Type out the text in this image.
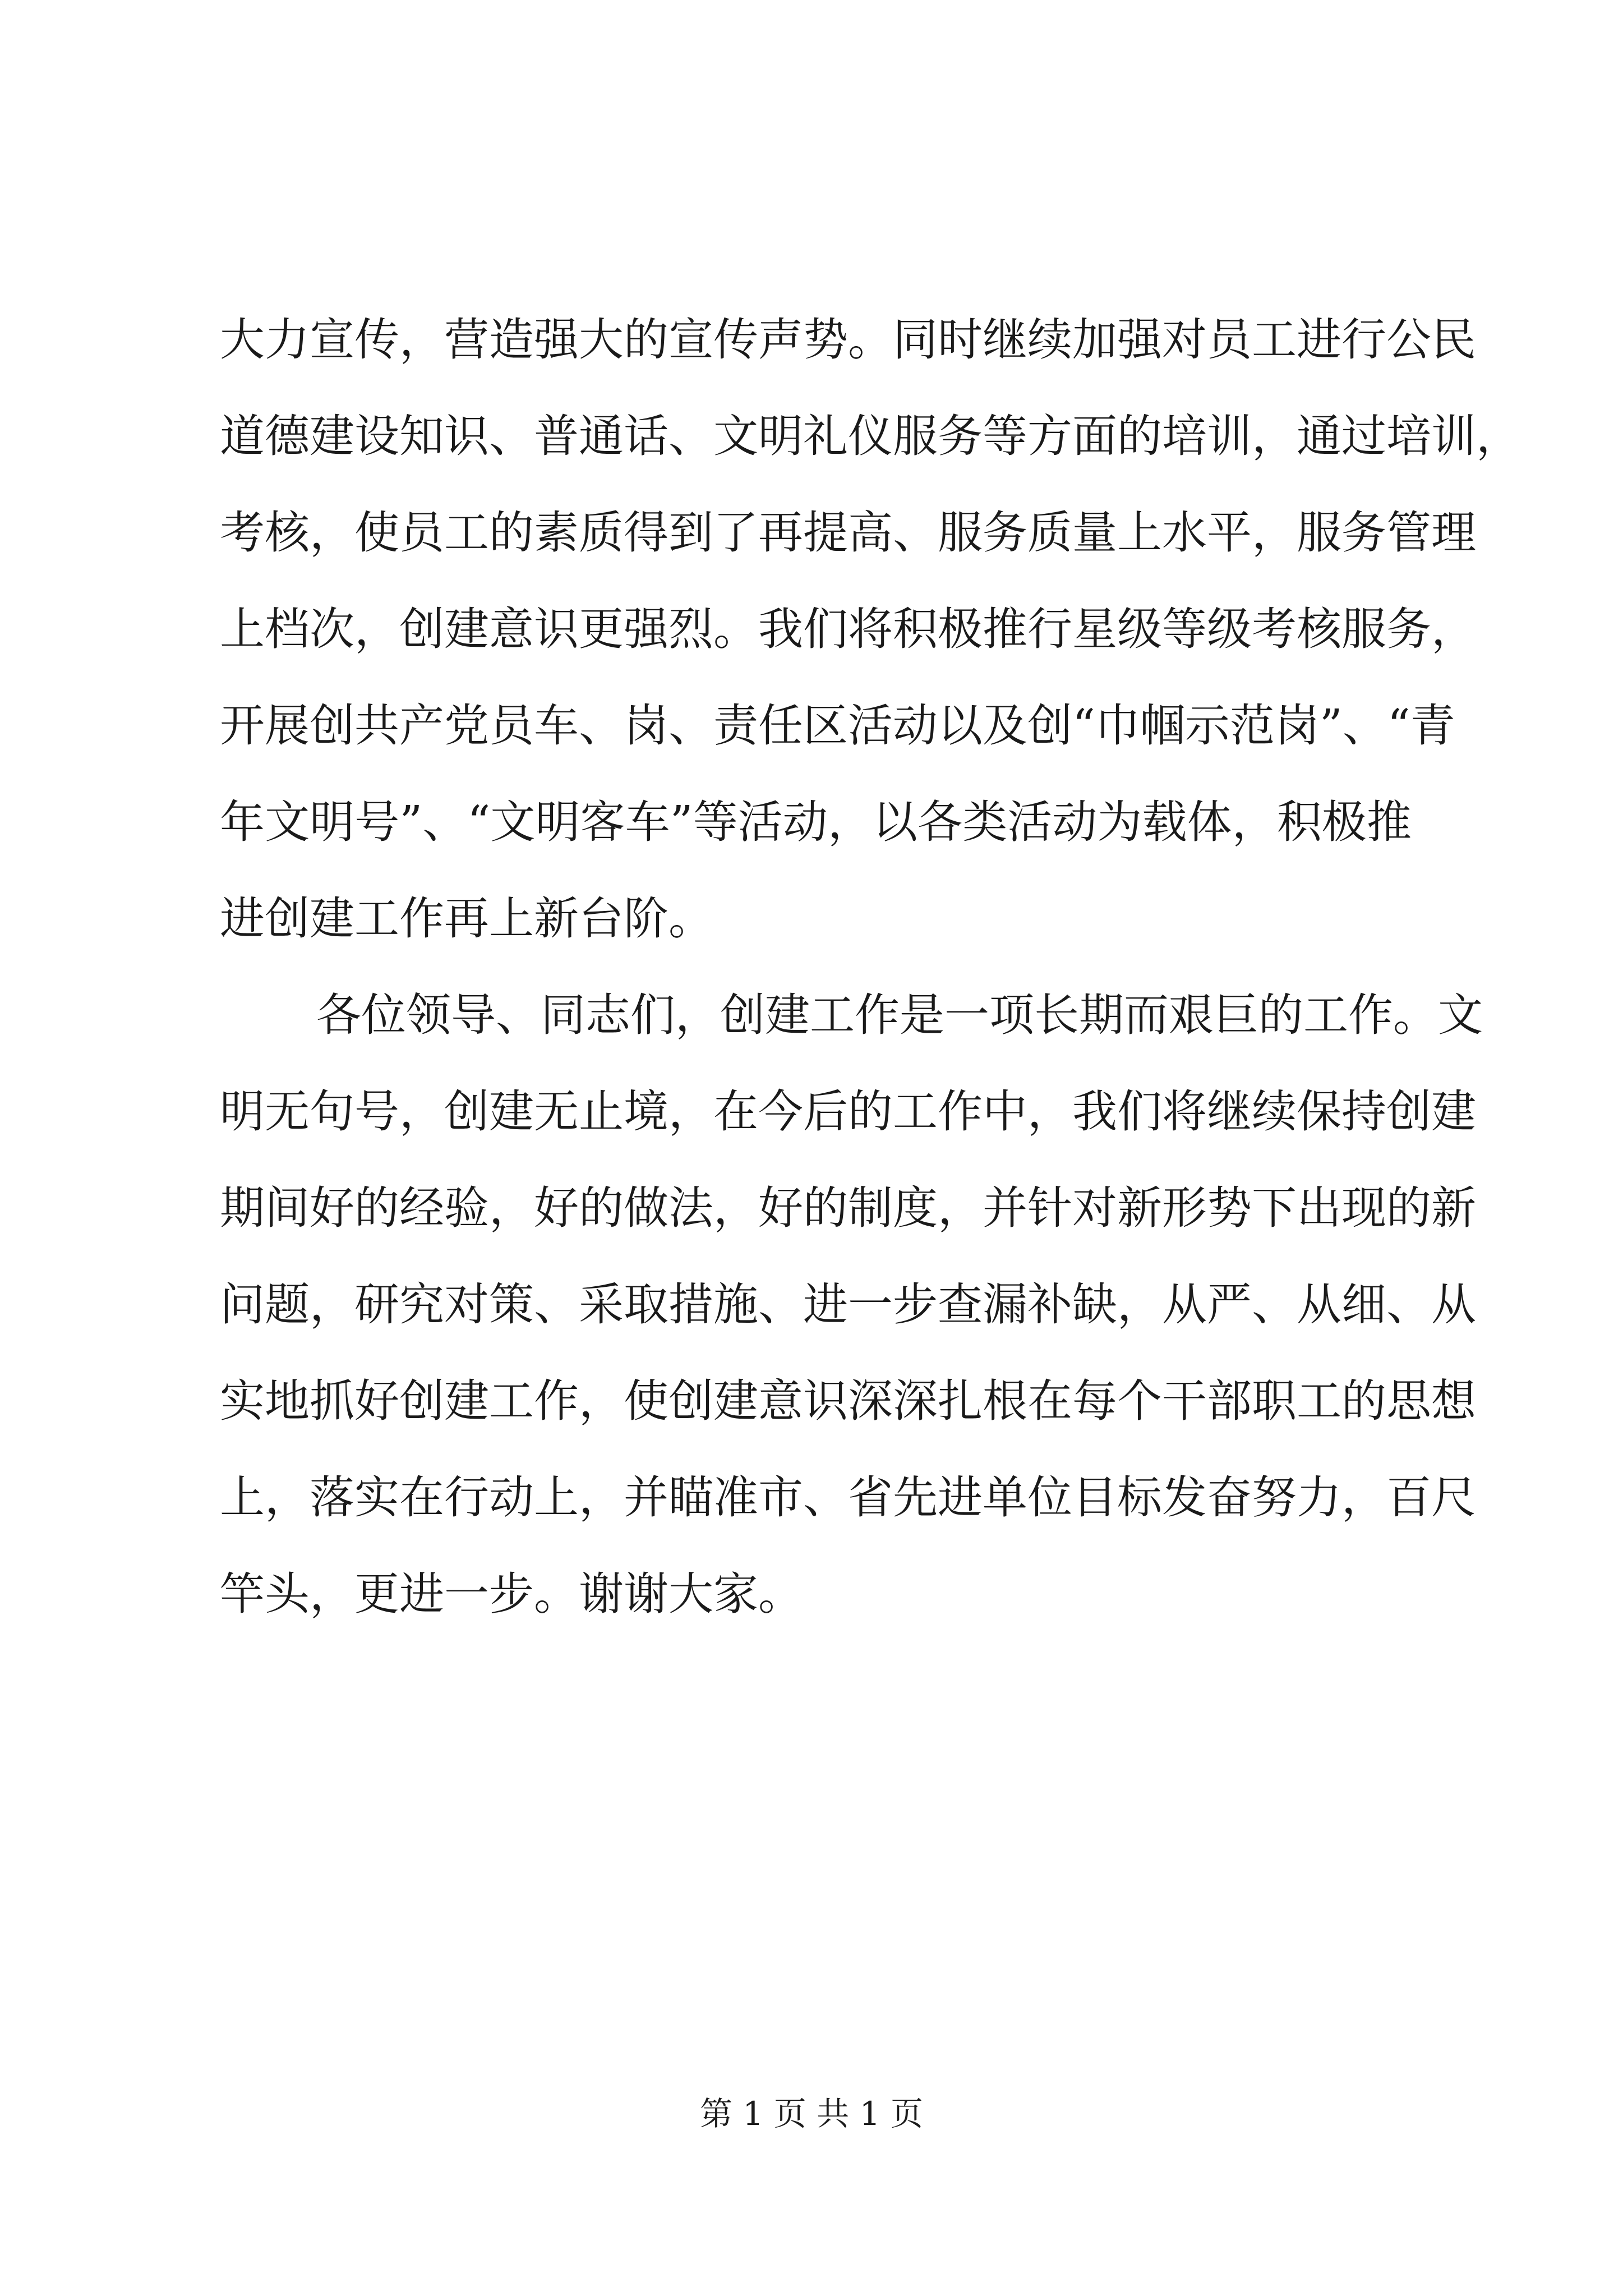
大力宣传，营造强大的宣传声势。同时继续加强对员工进行公民
道德建设知识、普通话、文明礼仪服务等方面的培训，通过培训，
考核，使员工的素质得到了再提高、服务质量上水平，服务管理
上档次，创建意识更强烈。我们将积极推行星级等级考核服务，
开展创共产党员车、岗、责任区活动以及创“巾帼示范岗”、“青
年文明号”、“文明客车”等活动，以各类活动为载体，积极推
进创建工作再上新台阶。
各位领导、同志们，创建工作是一项长期而艰巨的工作。文
明无句号，创建无止境，在今后的工作中，我们将继续保持创建
期间好的经验，好的做法，好的制度，并针对新形势下出现的新
问题，研究对策、采取措施、进一步查漏补缺，从严、从细、从
实地抓好创建工作，使创建意识深深扎根在每个干部职工的思想
上，落实在行动上，并瞄准市、省先进单位目标发奋努力，百尺
竿头，更进一步。谢谢大家。
第 1 页 共 1 页
